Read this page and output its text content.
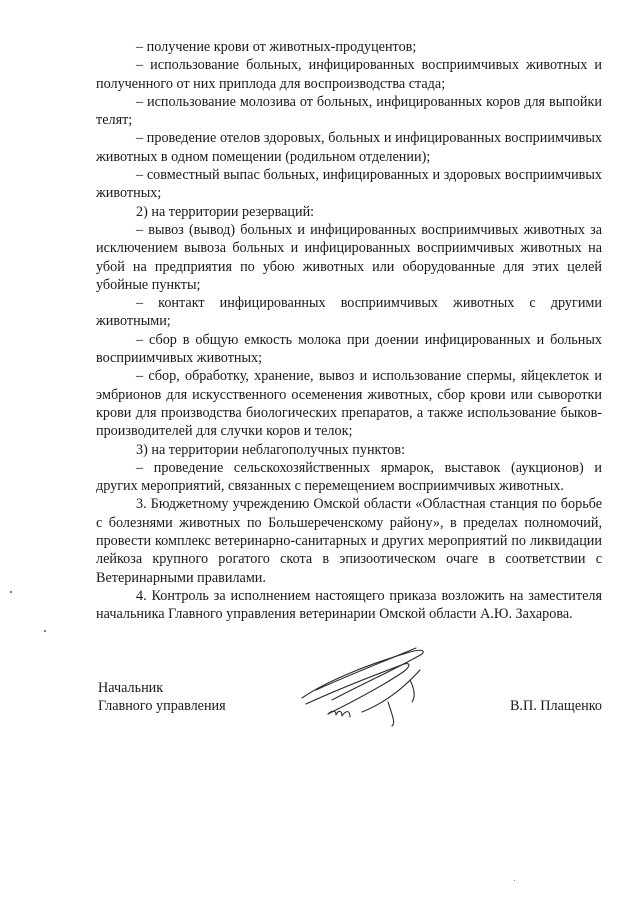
– получение крови от животных-продуцентов;

– использование больных, инфицированных восприимчивых животных и полученного от них приплода для воспроизводства стада;

– использование молозива от больных, инфицированных коров для выпойки телят;

– проведение отелов здоровых, больных и инфицированных восприимчивых животных в одном помещении (родильном отделении);

– совместный выпас больных, инфицированных и здоровых восприимчивых животных;

2) на территории резерваций:

– вывоз (вывод) больных и инфицированных восприимчивых животных за исключением вывоза больных и инфицированных восприимчивых животных на убой на предприятия по убою животных или оборудованные для этих целей убойные пункты;

– контакт инфицированных восприимчивых животных с другими животными;

– сбор в общую емкость молока при доении инфицированных и больных восприимчивых животных;

– сбор, обработку, хранение, вывоз и использование спермы, яйцеклеток и эмбрионов для искусственного осеменения животных, сбор крови или сыворотки крови для производства биологических препаратов, а также использование быков-производителей для случки коров и телок;

3) на территории неблагополучных пунктов:

– проведение сельскохозяйственных ярмарок, выставок (аукционов) и других мероприятий, связанных с перемещением восприимчивых животных.

3. Бюджетному учреждению Омской области «Областная станция по борьбе с болезнями животных по Большереченскому району», в пределах полномочий, провести комплекс ветеринарно-санитарных и других мероприятий по ликвидации лейкоза крупного рогатого скота в эпизоотическом очаге в соответствии с Ветеринарными правилами.

4. Контроль за исполнением настоящего приказа возложить на заместителя начальника Главного управления ветеринарии Омской области А.Ю. Захарова.

Начальник
Главного управления	В.П. Плащенко
